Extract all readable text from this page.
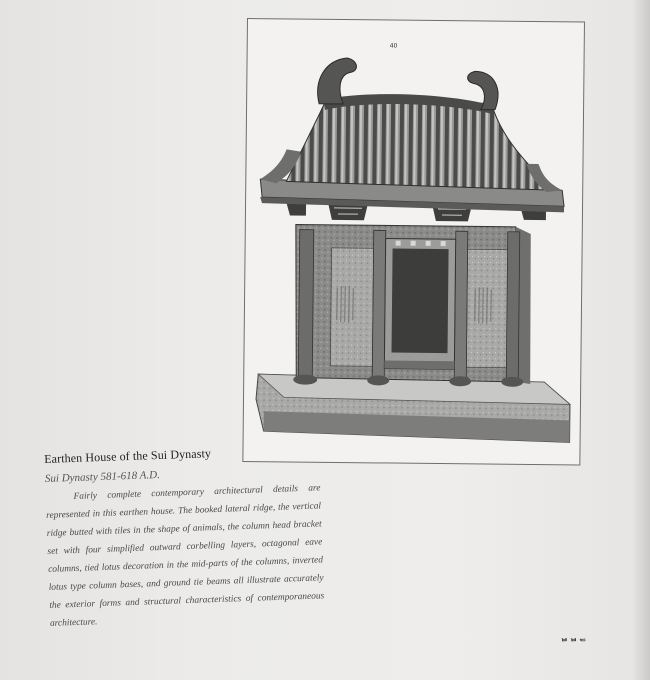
40

Earthen House of the Sui Dynasty

Sui Dynasty 581-618 A.D.

Fairly complete contemporary architectural details are represented in this earthen house. The booked lateral ridge, the vertical ridge butted with tiles in the shape of animals, the column head bracket set with four simplified outward corbelling layers, octagonal eave columns, tied lotus decoration in the mid-parts of the columns, inverted lotus type column bases, and ground tie beams all illustrate accurately the exterior forms and structural characteristics of contemporaneous architecture.

ᄇᄇᄃ
